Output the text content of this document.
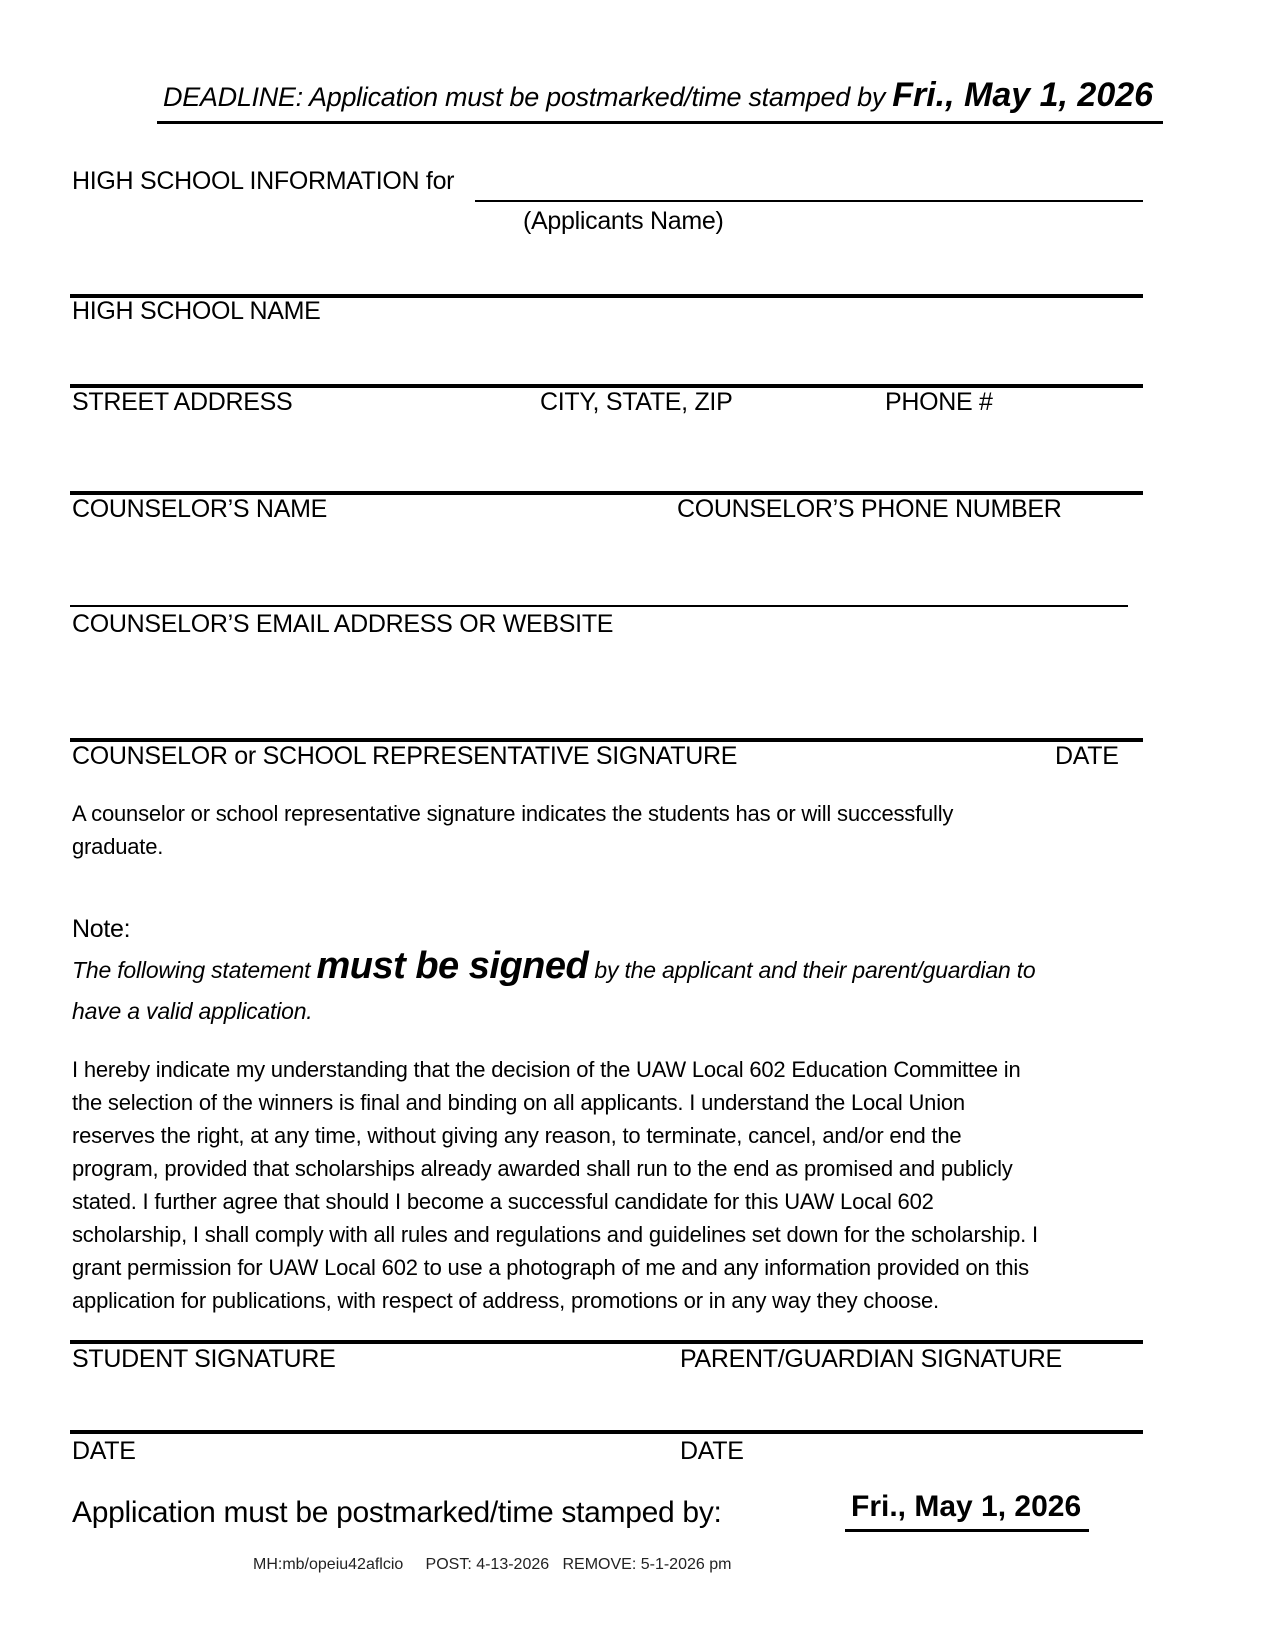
DEADLINE: Application must be postmarked/time stamped by Fri., May 1, 2026
HIGH SCHOOL INFORMATION for
(Applicants Name)
HIGH SCHOOL NAME
STREET ADDRESS	CITY, STATE, ZIP	PHONE #
COUNSELOR’S NAME	COUNSELOR’S PHONE NUMBER
COUNSELOR’S EMAIL ADDRESS OR WEBSITE
COUNSELOR or SCHOOL REPRESENTATIVE SIGNATURE	DATE
A counselor or school representative signature indicates the students has or will successfully
graduate.
Note:
The following statement must be signed by the applicant and their parent/guardian to
have a valid application.
I hereby indicate my understanding that the decision of the UAW Local 602 Education Committee in
the selection of the winners is final and binding on all applicants. I understand the Local Union
reserves the right, at any time, without giving any reason, to terminate, cancel, and/or end the
program, provided that scholarships already awarded shall run to the end as promised and publicly
stated. I further agree that should I become a successful candidate for this UAW Local 602
scholarship, I shall comply with all rules and regulations and guidelines set down for the scholarship. I
grant permission for UAW Local 602 to use a photograph of me and any information provided on this
application for publications, with respect of address, promotions or in any way they choose.
STUDENT SIGNATURE	PARENT/GUARDIAN SIGNATURE
DATE	DATE
Application must be postmarked/time stamped by:	Fri., May 1, 2026
MH:mb/opeiu42aflcio     POST: 4-13-2026   REMOVE: 5-1-2026 pm
